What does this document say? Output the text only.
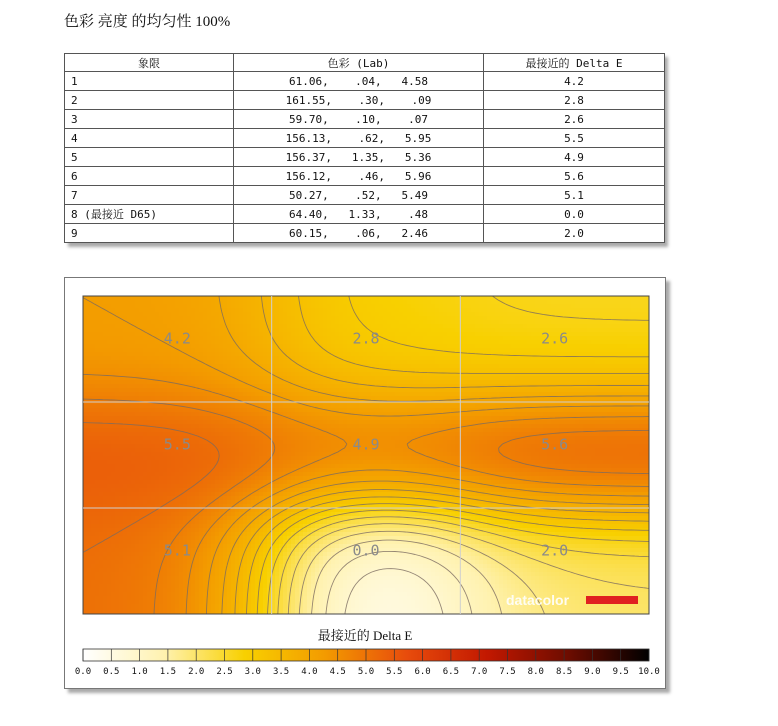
色彩 亮度 的均匀性 100%
象限	色彩 (Lab)	最接近的 Delta E
1	61.06,    .04,   4.58	4.2
2	161.55,    .30,    .09	2.8
3	59.70,    .10,    .07	2.6
4	156.13,    .62,   5.95	5.5
5	156.37,   1.35,   5.36	4.9
6	156.12,    .46,   5.96	5.6
7	50.27,    .52,   5.49	5.1
8 (最接近 D65)	64.40,   1.33,    .48	0.0
9	60.15,    .06,   2.46	2.0
4.2	2.8	2.6
5.5	4.9	5.6
5.1	0.0	2.0
datacolor
最接近的 Delta E
0.0 0.5 1.0 1.5 2.0 2.5 3.0 3.5 4.0 4.5 5.0 5.5 6.0 6.5 7.0 7.5 8.0 8.5 9.0 9.5 10.0
